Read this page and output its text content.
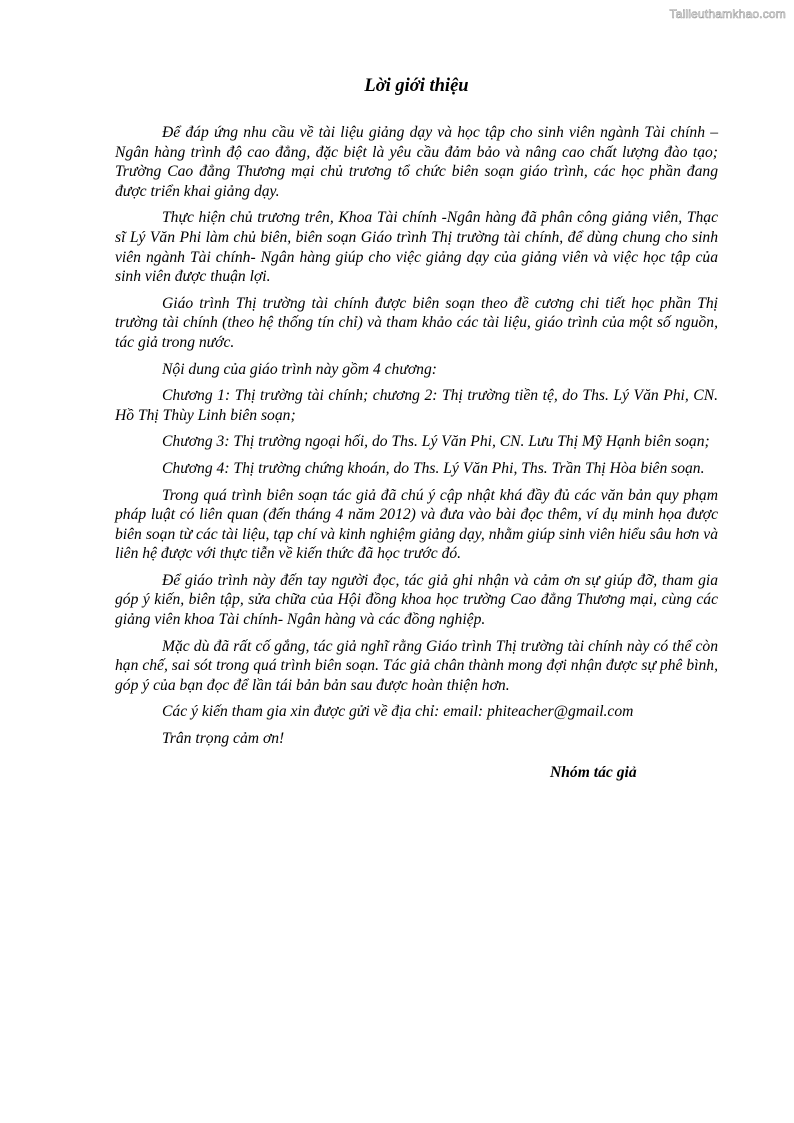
Tailieuthamkhao.com
Lời giới thiệu

Để đáp ứng nhu cầu về tài liệu giảng dạy và học tập cho sinh viên ngành Tài chính – Ngân hàng trình độ cao đẳng, đặc biệt là yêu cầu đảm bảo và nâng cao chất lượng đào tạo; Trường Cao đẳng Thương mại chủ trương tổ chức biên soạn giáo trình, các học phần đang được triển khai giảng dạy.

Thực hiện chủ trương trên, Khoa Tài chính -Ngân hàng đã phân công giảng viên, Thạc sĩ Lý Văn Phi làm chủ biên, biên soạn Giáo trình Thị trường tài chính, để dùng chung cho sinh viên ngành Tài chính- Ngân hàng giúp cho việc giảng dạy của giảng viên và việc học tập của sinh viên được thuận lợi.

Giáo trình Thị trường tài chính được biên soạn theo đề cương chi tiết học phần Thị trường tài chính (theo hệ thống tín chỉ) và tham khảo các tài liệu, giáo trình của một số nguồn, tác giả trong nước.

Nội dung của giáo trình này gồm 4 chương:

Chương 1: Thị trường tài chính; chương 2: Thị trường tiền tệ, do Ths. Lý Văn Phi, CN. Hồ Thị Thùy Linh biên soạn;

Chương 3: Thị trường ngoại hối, do Ths. Lý Văn Phi, CN. Lưu Thị Mỹ Hạnh biên soạn;

Chương 4: Thị trường chứng khoán, do Ths. Lý Văn Phi, Ths. Trần Thị Hòa biên soạn.

Trong quá trình biên soạn tác giả đã chú ý cập nhật khá đầy đủ các văn bản quy phạm pháp luật có liên quan (đến tháng 4 năm 2012) và đưa vào bài đọc thêm, ví dụ minh họa được biên soạn từ các tài liệu, tạp chí và kinh nghiệm giảng dạy, nhằm giúp sinh viên hiểu sâu hơn và liên hệ được với thực tiễn về kiến thức đã học trước đó.

Để giáo trình này đến tay người đọc, tác giả ghi nhận và cảm ơn sự giúp đỡ, tham gia góp ý kiến, biên tập, sửa chữa của Hội đồng khoa học trường Cao đẳng Thương mại, cùng các giảng viên khoa Tài chính- Ngân hàng và các đồng nghiệp.

Mặc dù đã rất cố gắng, tác giả nghĩ rằng Giáo trình Thị trường tài chính này có thể còn hạn chế, sai sót trong quá trình biên soạn. Tác giả chân thành mong đợi nhận được sự phê bình, góp ý của bạn đọc để lần tái bản bản sau được hoàn thiện hơn.

Các ý kiến tham gia xin được gửi về địa chỉ: email: phiteacher@gmail.com

Trân trọng cảm ơn!

Nhóm tác giả
